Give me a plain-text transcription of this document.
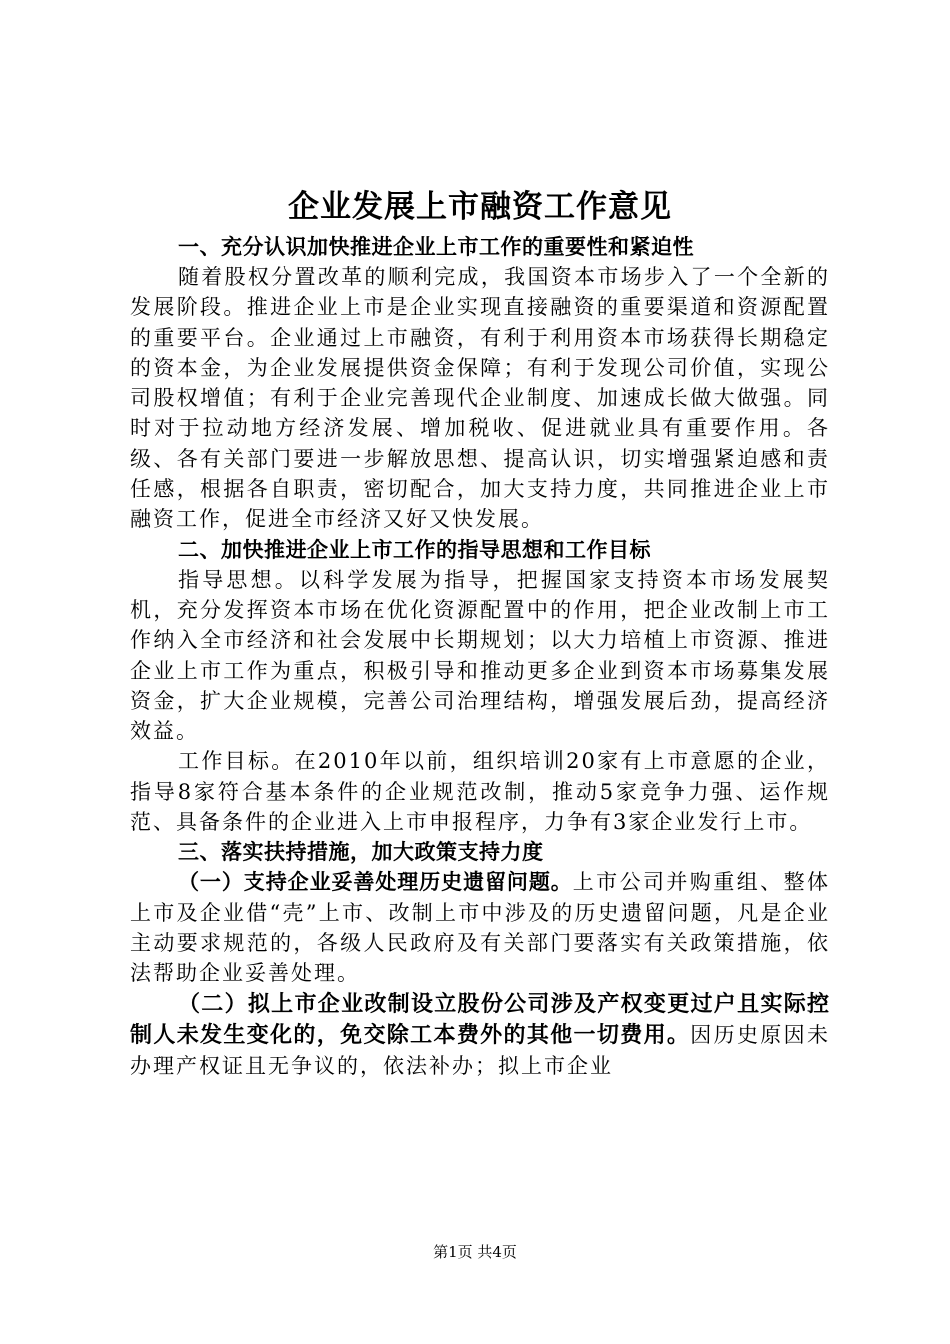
企业发展上市融资工作意见

一、充分认识加快推进企业上市工作的重要性和紧迫性

随着股权分置改革的顺利完成，我国资本市场步入了一个全新的发展阶段。推进企业上市是企业实现直接融资的重要渠道和资源配置的重要平台。企业通过上市融资，有利于利用资本市场获得长期稳定的资本金，为企业发展提供资金保障；有利于发现公司价值，实现公司股权增值；有利于企业完善现代企业制度、加速成长做大做强。同时对于拉动地方经济发展、增加税收、促进就业具有重要作用。各级、各有关部门要进一步解放思想、提高认识，切实增强紧迫感和责任感，根据各自职责，密切配合，加大支持力度，共同推进企业上市融资工作，促进全市经济又好又快发展。

二、加快推进企业上市工作的指导思想和工作目标

指导思想。以科学发展为指导，把握国家支持资本市场发展契机，充分发挥资本市场在优化资源配置中的作用，把企业改制上市工作纳入全市经济和社会发展中长期规划；以大力培植上市资源、推进企业上市工作为重点，积极引导和推动更多企业到资本市场募集发展资金，扩大企业规模，完善公司治理结构，增强发展后劲，提高经济效益。

工作目标。在2010年以前，组织培训20家有上市意愿的企业，指导8家符合基本条件的企业规范改制，推动5家竞争力强、运作规范、具备条件的企业进入上市申报程序，力争有3家企业发行上市。

三、落实扶持措施，加大政策支持力度

（一）支持企业妥善处理历史遗留问题。上市公司并购重组、整体上市及企业借“壳”上市、改制上市中涉及的历史遗留问题，凡是企业主动要求规范的，各级人民政府及有关部门要落实有关政策措施，依法帮助企业妥善处理。

（二）拟上市企业改制设立股份公司涉及产权变更过户且实际控制人未发生变化的，免交除工本费外的其他一切费用。因历史原因未办理产权证且无争议的，依法补办；拟上市企业

第1页 共4页
